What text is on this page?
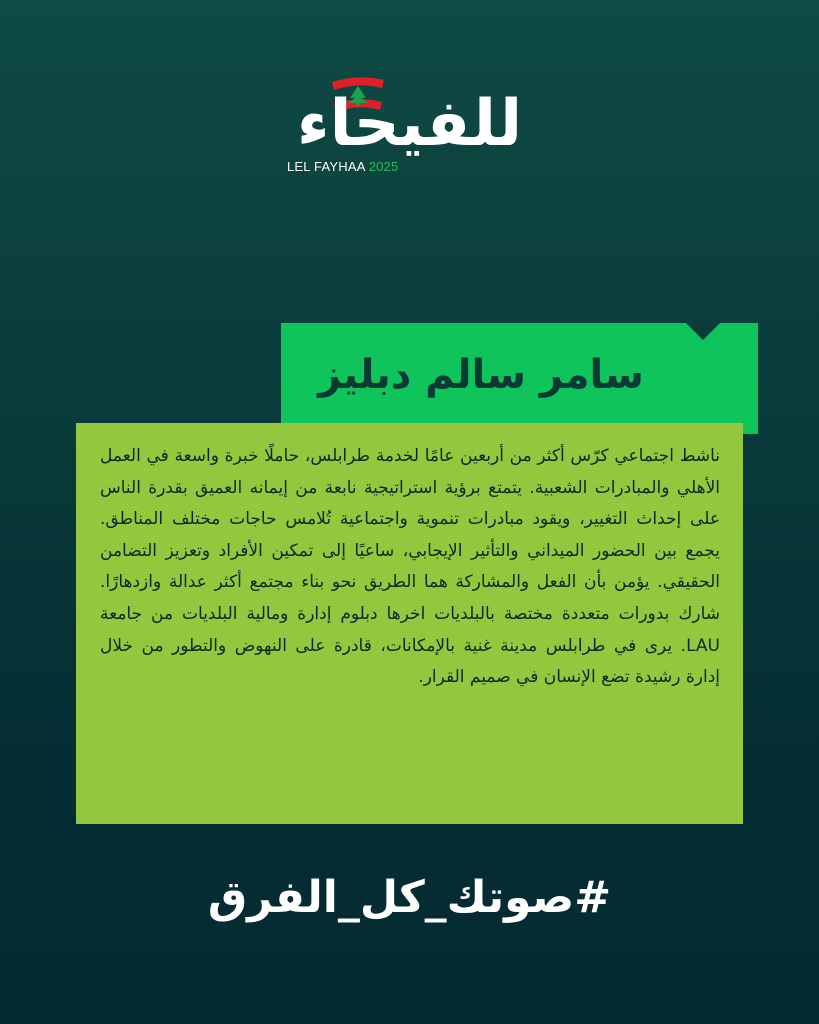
للفيحاء
LEL FAYHAA 2025
سامر سالم دبليز

ناشط اجتماعي كرّس أكثر من أربعين عامًا لخدمة طرابلس، حاملًا خبرة واسعة في العمل الأهلي والمبادرات الشعبية. يتمتع برؤية استراتيجية نابعة من إيمانه العميق بقدرة الناس على إحداث التغيير، ويقود مبادرات تنموية واجتماعية تُلامس حاجات مختلف المناطق. يجمع بين الحضور الميداني والتأثير الإيجابي، ساعيًا إلى تمكين الأفراد وتعزيز التضامن الحقيقي. يؤمن بأن الفعل والمشاركة هما الطريق نحو بناء مجتمع أكثر عدالة وازدهارًا. شارك بدورات متعددة مختصة بالبلديات اخرها دبلوم إدارة ومالية البلديات من جامعة LAU. يرى في طرابلس مدينة غنية بالإمكانات، قادرة على النهوض والتطور من خلال إدارة رشيدة تضع الإنسان في صميم القرار.

#صوتك_كل_الفرق
